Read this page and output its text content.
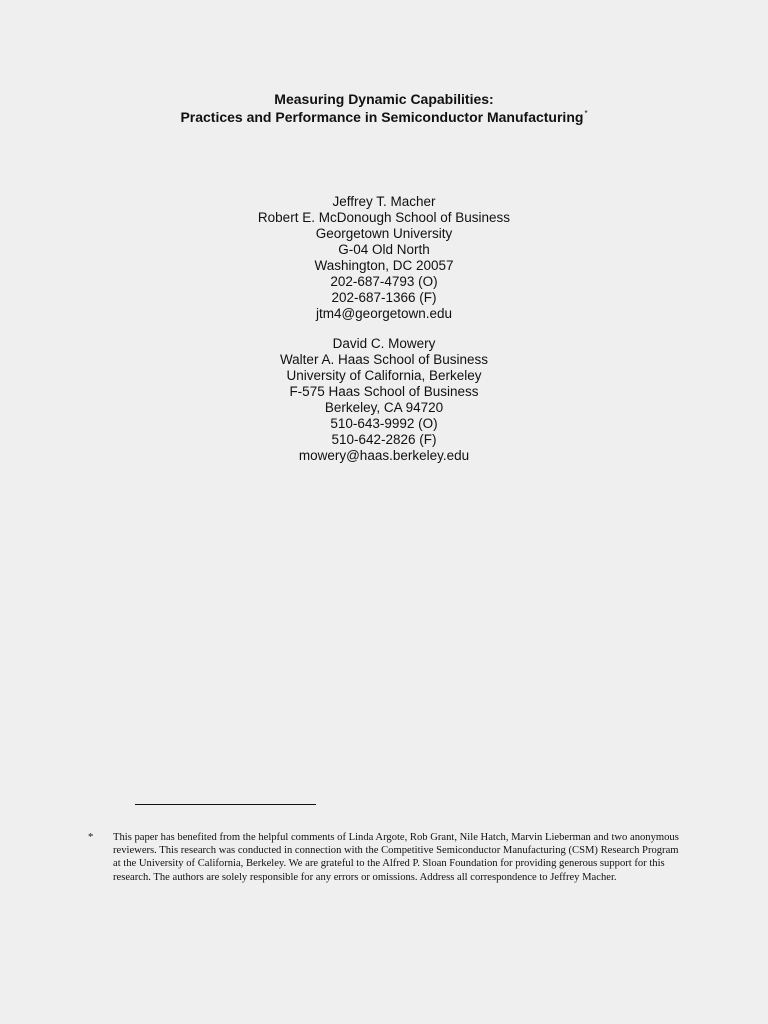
Measuring Dynamic Capabilities:
Practices and Performance in Semiconductor Manufacturing*
Jeffrey T. Macher
Robert E. McDonough School of Business
Georgetown University
G-04 Old North
Washington, DC 20057
202-687-4793 (O)
202-687-1366 (F)
jtm4@georgetown.edu
David C. Mowery
Walter A. Haas School of Business
University of California, Berkeley
F-575 Haas School of Business
Berkeley, CA 94720
510-643-9992 (O)
510-642-2826 (F)
mowery@haas.berkeley.edu
* This paper has benefited from the helpful comments of Linda Argote, Rob Grant, Nile Hatch, Marvin Lieberman and two anonymous reviewers. This research was conducted in connection with the Competitive Semiconductor Manufacturing (CSM) Research Program at the University of California, Berkeley. We are grateful to the Alfred P. Sloan Foundation for providing generous support for this research. The authors are solely responsible for any errors or omissions. Address all correspondence to Jeffrey Macher.
